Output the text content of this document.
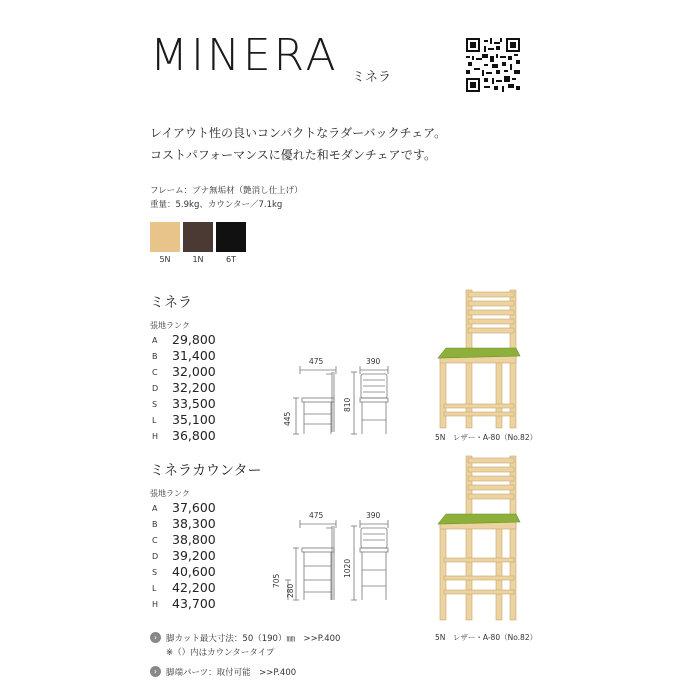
MINERA ミネラ
レイアウト性の良いコンパクトなラダーバックチェア。
コストパフォーマンスに優れた和モダンチェアです。
フレーム：ブナ無垢材（艶消し仕上げ）
重量：5.9kg、カウンター／7.1kg
5N	1N	6T
ミネラ
張地ランク
A 29,800
B 31,400
C 32,000
D 32,200
S 33,500
L 35,100
H 36,800
475	390
810
445
5N　レザー・A-80（No.82）
ミネラカウンター
張地ランク
A 37,600
B 38,300
C 38,800
D 39,200
S 40,600
L 42,200
H 43,700
475	390
1020
705
280
5N　レザー・A-80（No.82）
›	脚カット最大寸法：50（190）㎜　>>P.400
※（）内はカウンタータイプ
›	脚端パーツ：取付可能　>>P.400
